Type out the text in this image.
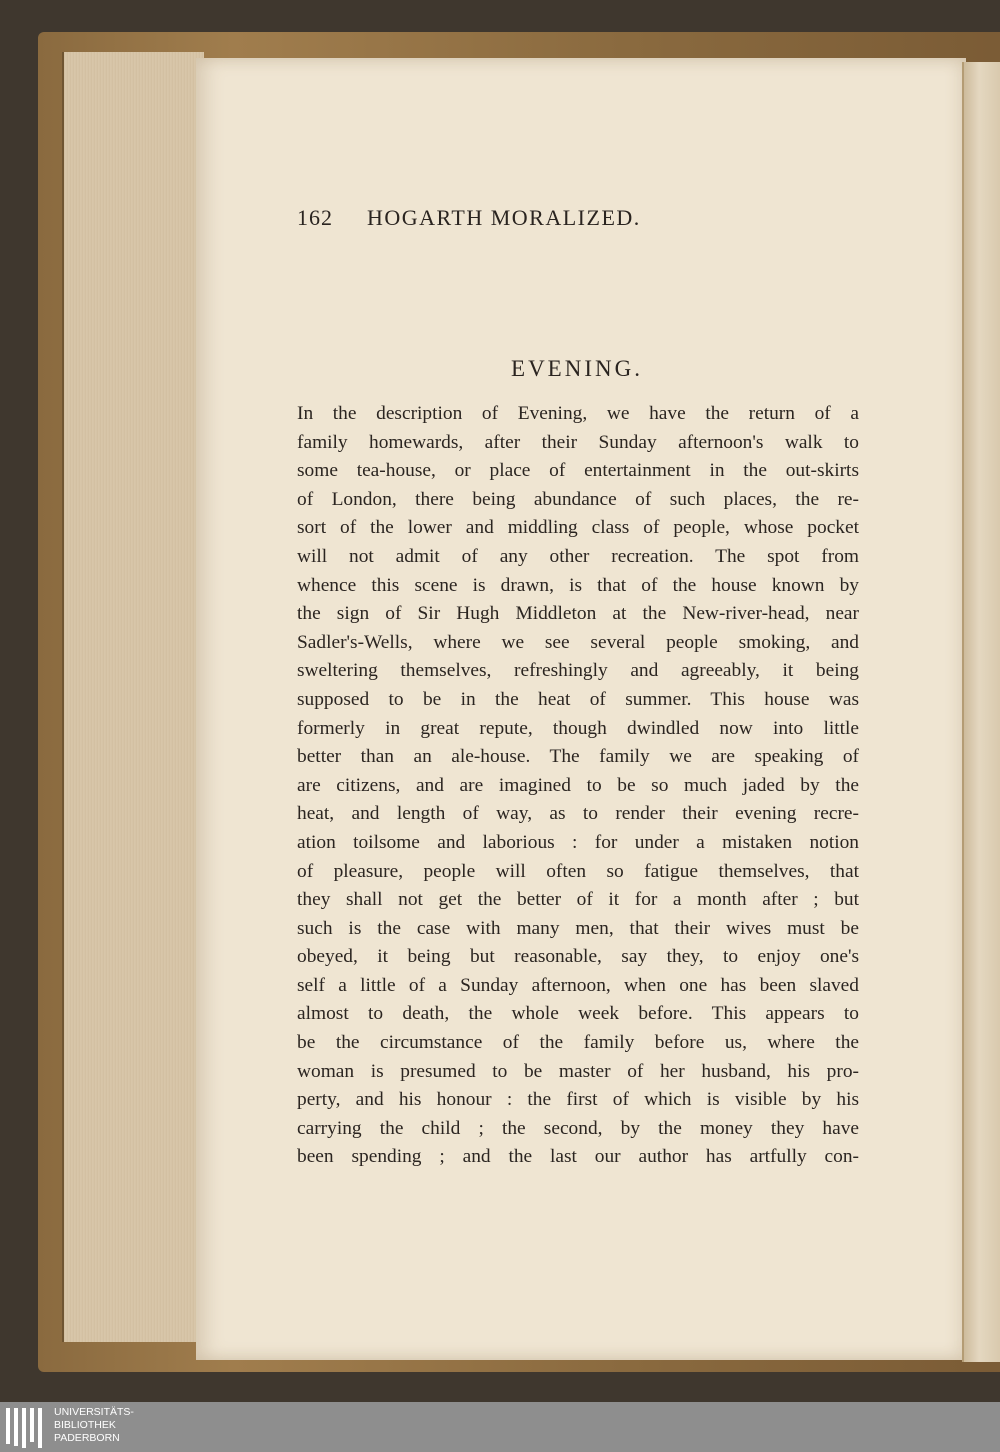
162 HOGARTH MORALIZED.
EVENING.
In the description of Evening, we have the return of a
family homewards, after their Sunday afternoon's walk to
some tea-house, or place of entertainment in the out-skirts
of London, there being abundance of such places, the re-
sort of the lower and middling class of people, whose pocket
will not admit of any other recreation. The spot from
whence this scene is drawn, is that of the house known by
the sign of Sir Hugh Middleton at the New-river-head, near
Sadler's-Wells, where we see several people smoking, and
sweltering themselves, refreshingly and agreeably, it being
supposed to be in the heat of summer. This house was
formerly in great repute, though dwindled now into little
better than an ale-house. The family we are speaking of
are citizens, and are imagined to be so much jaded by the
heat, and length of way, as to render their evening recre-
ation toilsome and laborious : for under a mistaken notion
of pleasure, people will often so fatigue themselves, that
they shall not get the better of it for a month after ; but
such is the case with many men, that their wives must be
obeyed, it being but reasonable, say they, to enjoy one's
self a little of a Sunday afternoon, when one has been slaved
almost to death, the whole week before. This appears to
be the circumstance of the family before us, where the
woman is presumed to be master of her husband, his pro-
perty, and his honour : the first of which is visible by his
carrying the child ; the second, by the money they have
been spending ; and the last our author has artfully con-
UNIVERSITÄTS-
BIBLIOTHEK
PADERBORN
